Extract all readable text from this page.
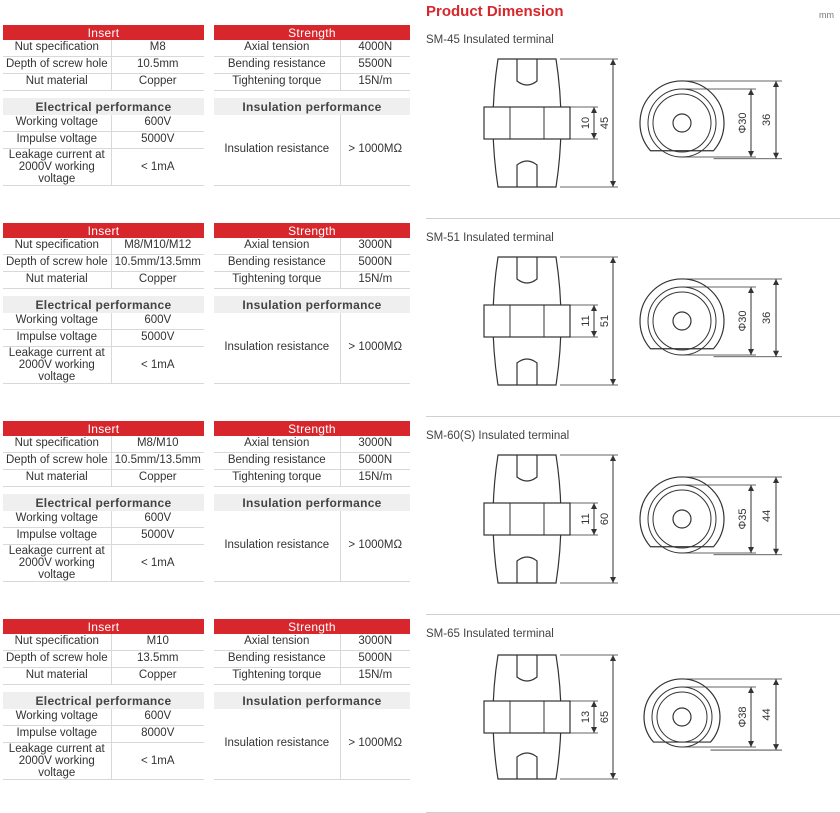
Product Dimension	mm
Insert	
Nut specification	M8
Depth of screw hole	10.5mm
Nut material	Copper

Electrical performance	
Working voltage	600V
Impulse voltage	5000V
Leakage current at 2000V working voltage	< 1mA
Strength	
Axial tension	4000N
Bending resistance	5500N
Tightening torque	15N/m

Insulation performance	
Insulation resistance	> 1000MΩ
SM-45 Insulated terminal
10 45	Φ30 36
Insert	
Nut specification	M8/M10/M12
Depth of screw hole	10.5mm/13.5mm
Nut material	Copper

Electrical performance	
Working voltage	600V
Impulse voltage	5000V
Leakage current at 2000V working voltage	< 1mA
Strength	
Axial tension	3000N
Bending resistance	5000N
Tightening torque	15N/m

Insulation performance	
Insulation resistance	> 1000MΩ
SM-51 Insulated terminal
11 51	Φ30 36
Insert	
Nut specification	M8/M10
Depth of screw hole	10.5mm/13.5mm
Nut material	Copper

Electrical performance	
Working voltage	600V
Impulse voltage	5000V
Leakage current at 2000V working voltage	< 1mA
Strength	
Axial tension	3000N
Bending resistance	5000N
Tightening torque	15N/m

Insulation performance	
Insulation resistance	> 1000MΩ
SM-60(S) Insulated terminal
11 60	Φ35 44
Insert	
Nut specification	M10
Depth of screw hole	13.5mm
Nut material	Copper

Electrical performance	
Working voltage	600V
Impulse voltage	8000V
Leakage current at 2000V working voltage	< 1mA
Strength	
Axial tension	3000N
Bending resistance	5000N
Tightening torque	15N/m

Insulation performance	
Insulation resistance	> 1000MΩ
SM-65 Insulated terminal
13 65	Φ38 44
